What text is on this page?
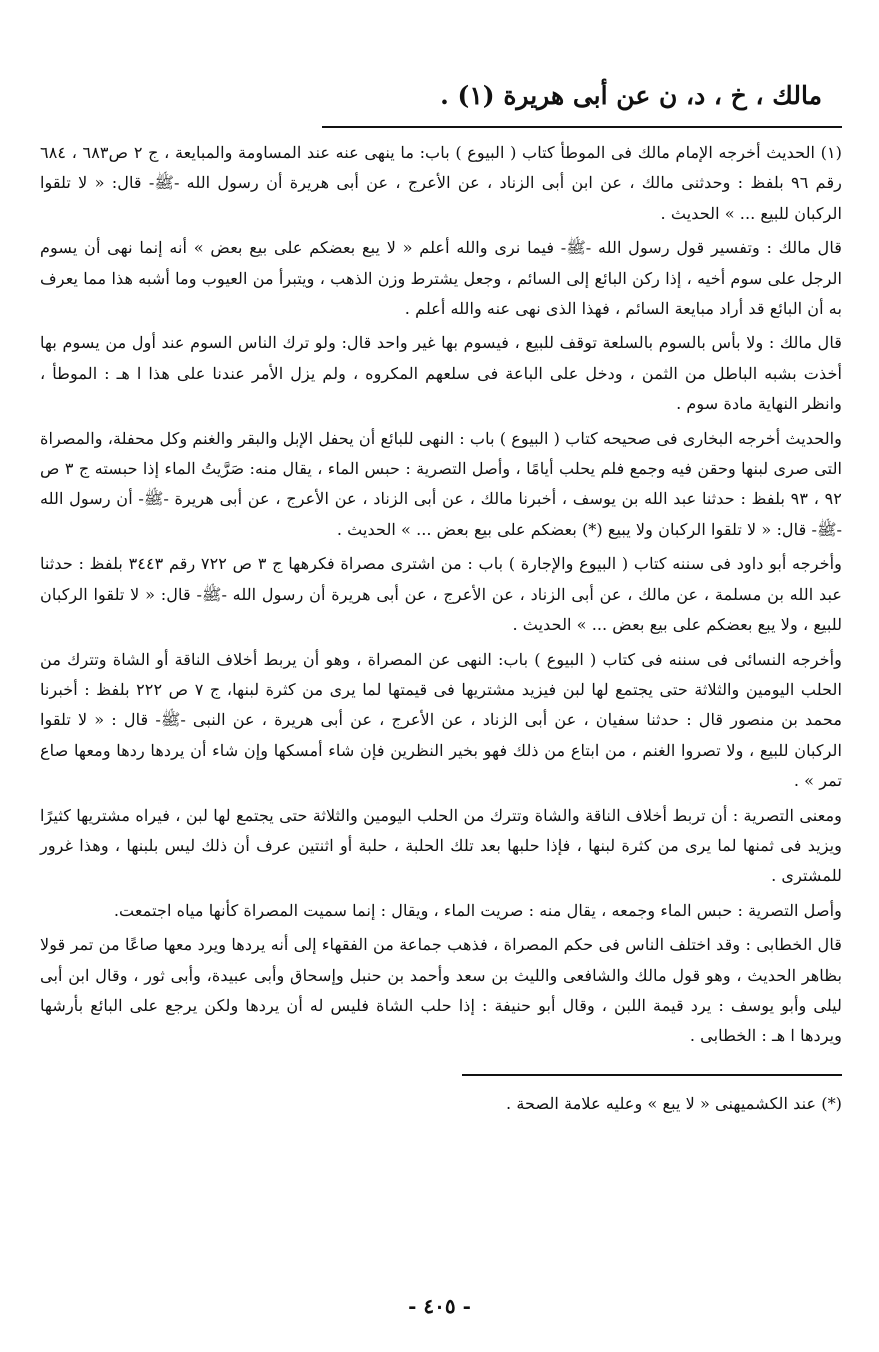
مالك ، خ ، د، ن عن أبى هريرة (١) .

(١) الحديث أخرجه الإمام مالك فى الموطأ كتاب ( البيوع ) باب: ما ينهى عنه عند المساومة والمبايعة ، ج ٢ ص٦٨٣ ، ٦٨٤ رقم ٩٦ بلفظ : وحدثنى مالك ، عن ابن أبى الزناد ، عن الأعرج ، عن أبى هريرة أن رسول الله -ﷺ- قال: « لا تلقوا الركبان للبيع ... » الحديث .

قال مالك : وتفسير قول رسول الله -ﷺ- فيما نرى والله أعلم « لا يبع بعضكم على بيع بعض » أنه إنما نهى أن يسوم الرجل على سوم أخيه ، إذا ركن البائع إلى السائم ، وجعل يشترط وزن الذهب ، ويتبرأ من العيوب وما أشبه هذا مما يعرف به أن البائع قد أراد مبايعة السائم ، فهذا الذى نهى عنه والله أعلم .

قال مالك : ولا بأس بالسوم بالسلعة توقف للبيع ، فيسوم بها غير واحد قال: ولو ترك الناس السوم عند أول من يسوم بها أخذت بشبه الباطل من الثمن ، ودخل على الباعة فى سلعهم المكروه ، ولم يزل الأمر عندنا على هذا ا هـ : الموطأ ، وانظر النهاية مادة سوم .

والحديث أخرجه البخارى فى صحيحه كتاب ( البيوع ) باب : النهى للبائع أن يحفل الإبل والبقر والغنم وكل محفلة، والمصراة التى صرى لبنها وحقن فيه وجمع فلم يحلب أيامًا ، وأصل التصرية : حبس الماء ، يقال منه: صَرَّيتُ الماء إذا حبسته ج ٣ ص ٩٢ ، ٩٣ بلفظ : حدثنا عبد الله بن يوسف ، أخبرنا مالك ، عن أبى الزناد ، عن الأعرج ، عن أبى هريرة -ﷺ- أن رسول الله -ﷺ- قال: « لا تلقوا الركبان ولا يبيع (*) بعضكم على بيع بعض ... » الحديث .

وأخرجه أبو داود فى سننه كتاب ( البيوع والإجارة ) باب : من اشترى مصراة فكرهها ج ٣ ص ٧٢٢ رقم ٣٤٤٣ بلفظ : حدثنا عبد الله بن مسلمة ، عن مالك ، عن أبى الزناد ، عن الأعرج ، عن أبى هريرة أن رسول الله -ﷺ- قال: « لا تلقوا الركبان للبيع ، ولا يبع بعضكم على بيع بعض ... » الحديث .

وأخرجه النسائى فى سننه فى كتاب ( البيوع ) باب: النهى عن المصراة ، وهو أن يربط أخلاف الناقة أو الشاة وتترك من الحلب اليومين والثلاثة حتى يجتمع لها لبن فيزيد مشتريها فى قيمتها لما يرى من كثرة لبنها، ج ٧ ص ٢٢٢ بلفظ : أخبرنا محمد بن منصور قال : حدثنا سفيان ، عن أبى الزناد ، عن الأعرج ، عن أبى هريرة ، عن النبى -ﷺ- قال : « لا تلقوا الركبان للبيع ، ولا تصروا الغنم ، من ابتاع من ذلك فهو بخير النظرين فإن شاء أمسكها وإن شاء أن يردها ردها ومعها صاع تمر » .

ومعنى التصرية : أن تربط أخلاف الناقة والشاة وتترك من الحلب اليومين والثلاثة حتى يجتمع لها لبن ، فيراه مشتريها كثيرًا ويزيد فى ثمنها لما يرى من كثرة لبنها ، فإذا حلبها بعد تلك الحلبة ، حلبة أو اثنتين عرف أن ذلك ليس بلبنها ، وهذا غرور للمشترى .

وأصل التصرية : حبس الماء وجمعه ، يقال منه : صريت الماء ، ويقال : إنما سميت المصراة كأنها مياه اجتمعت.

قال الخطابى : وقد اختلف الناس فى حكم المصراة ، فذهب جماعة من الفقهاء إلى أنه يردها ويرد معها صاعًا من تمر قولا بظاهر الحديث ، وهو قول مالك والشافعى والليث بن سعد وأحمد بن حنبل وإسحاق وأبى عبيدة، وأبى ثور ، وقال ابن أبى ليلى وأبو يوسف : يرد قيمة اللبن ، وقال أبو حنيفة : إذا حلب الشاة فليس له أن يردها ولكن يرجع على البائع بأرشها ويردها ا هـ : الخطابى .

(*) عند الكشميهنى « لا يبع » وعليه علامة الصحة .

- ٤٠٥ -
